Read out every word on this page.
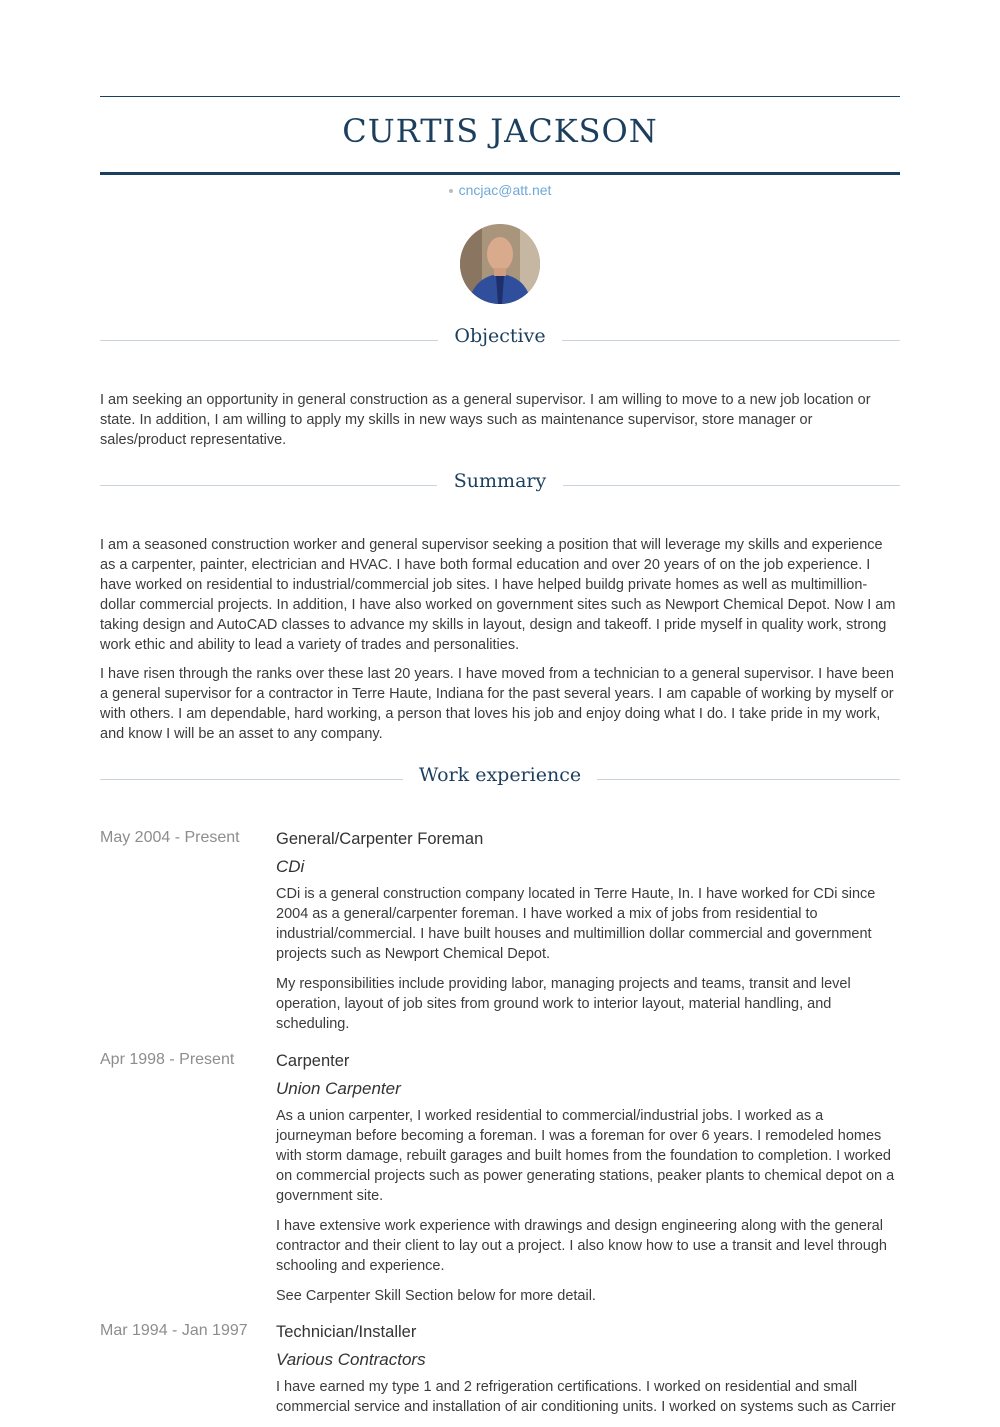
CURTIS JACKSON
cncjac@att.net
Objective

I am seeking an opportunity in general construction as a general supervisor. I am willing to move to a new job location or state. In addition, I am willing to apply my skills in new ways such as maintenance supervisor, store manager or sales/product representative.

Summary

I am a seasoned construction worker and general supervisor seeking a position that will leverage my skills and experience as a carpenter, painter, electrician and HVAC. I have both formal education and over 20 years of on the job experience. I have worked on residential to industrial/commercial job sites. I have helped buildg private homes as well as multimillion-dollar commercial projects. In addition, I have also worked on government sites such as Newport Chemical Depot. Now I am taking design and AutoCAD classes to advance my skills in layout, design and takeoff. I pride myself in quality work, strong work ethic and ability to lead a variety of trades and personalities.

I have risen through the ranks over these last 20 years. I have moved from a technician to a general supervisor. I have been a general supervisor for a contractor in Terre Haute, Indiana for the past several years. I am capable of working by myself or with others. I am dependable, hard working, a person that loves his job and enjoy doing what I do. I take pride in my work, and know I will be an asset to any company.

Work experience
May 2004 - Present	General/Carpenter Foreman
CDi

CDi is a general construction company located in Terre Haute, In. I have worked for CDi since 2004 as a general/carpenter foreman. I have worked a mix of jobs from residential to industrial/commercial. I have built houses and multimillion dollar commercial and government projects such as Newport Chemical Depot.

My responsibilities include providing labor, managing projects and teams, transit and level operation, layout of job sites from ground work to interior layout, material handling, and scheduling.

Apr 1998 - Present	Carpenter
Union Carpenter

As a union carpenter, I worked residential to commercial/industrial jobs. I worked as a journeyman before becoming a foreman. I was a foreman for over 6 years. I remodeled homes with storm damage, rebuilt garages and built homes from the foundation to completion. I worked on commercial projects such as power generating stations, peaker plants to chemical depot on a government site.

I have extensive work experience with drawings and design engineering along with the general contractor and their client to lay out a project. I also know how to use a transit and level through schooling and experience.

See Carpenter Skill Section below for more detail.

Mar 1994 - Jan 1997	Technician/Installer
Various Contractors

I have earned my type 1 and 2 refrigeration certifications. I worked on residential and small commercial service and installation of air conditioning units. I worked on systems such as Carrier
